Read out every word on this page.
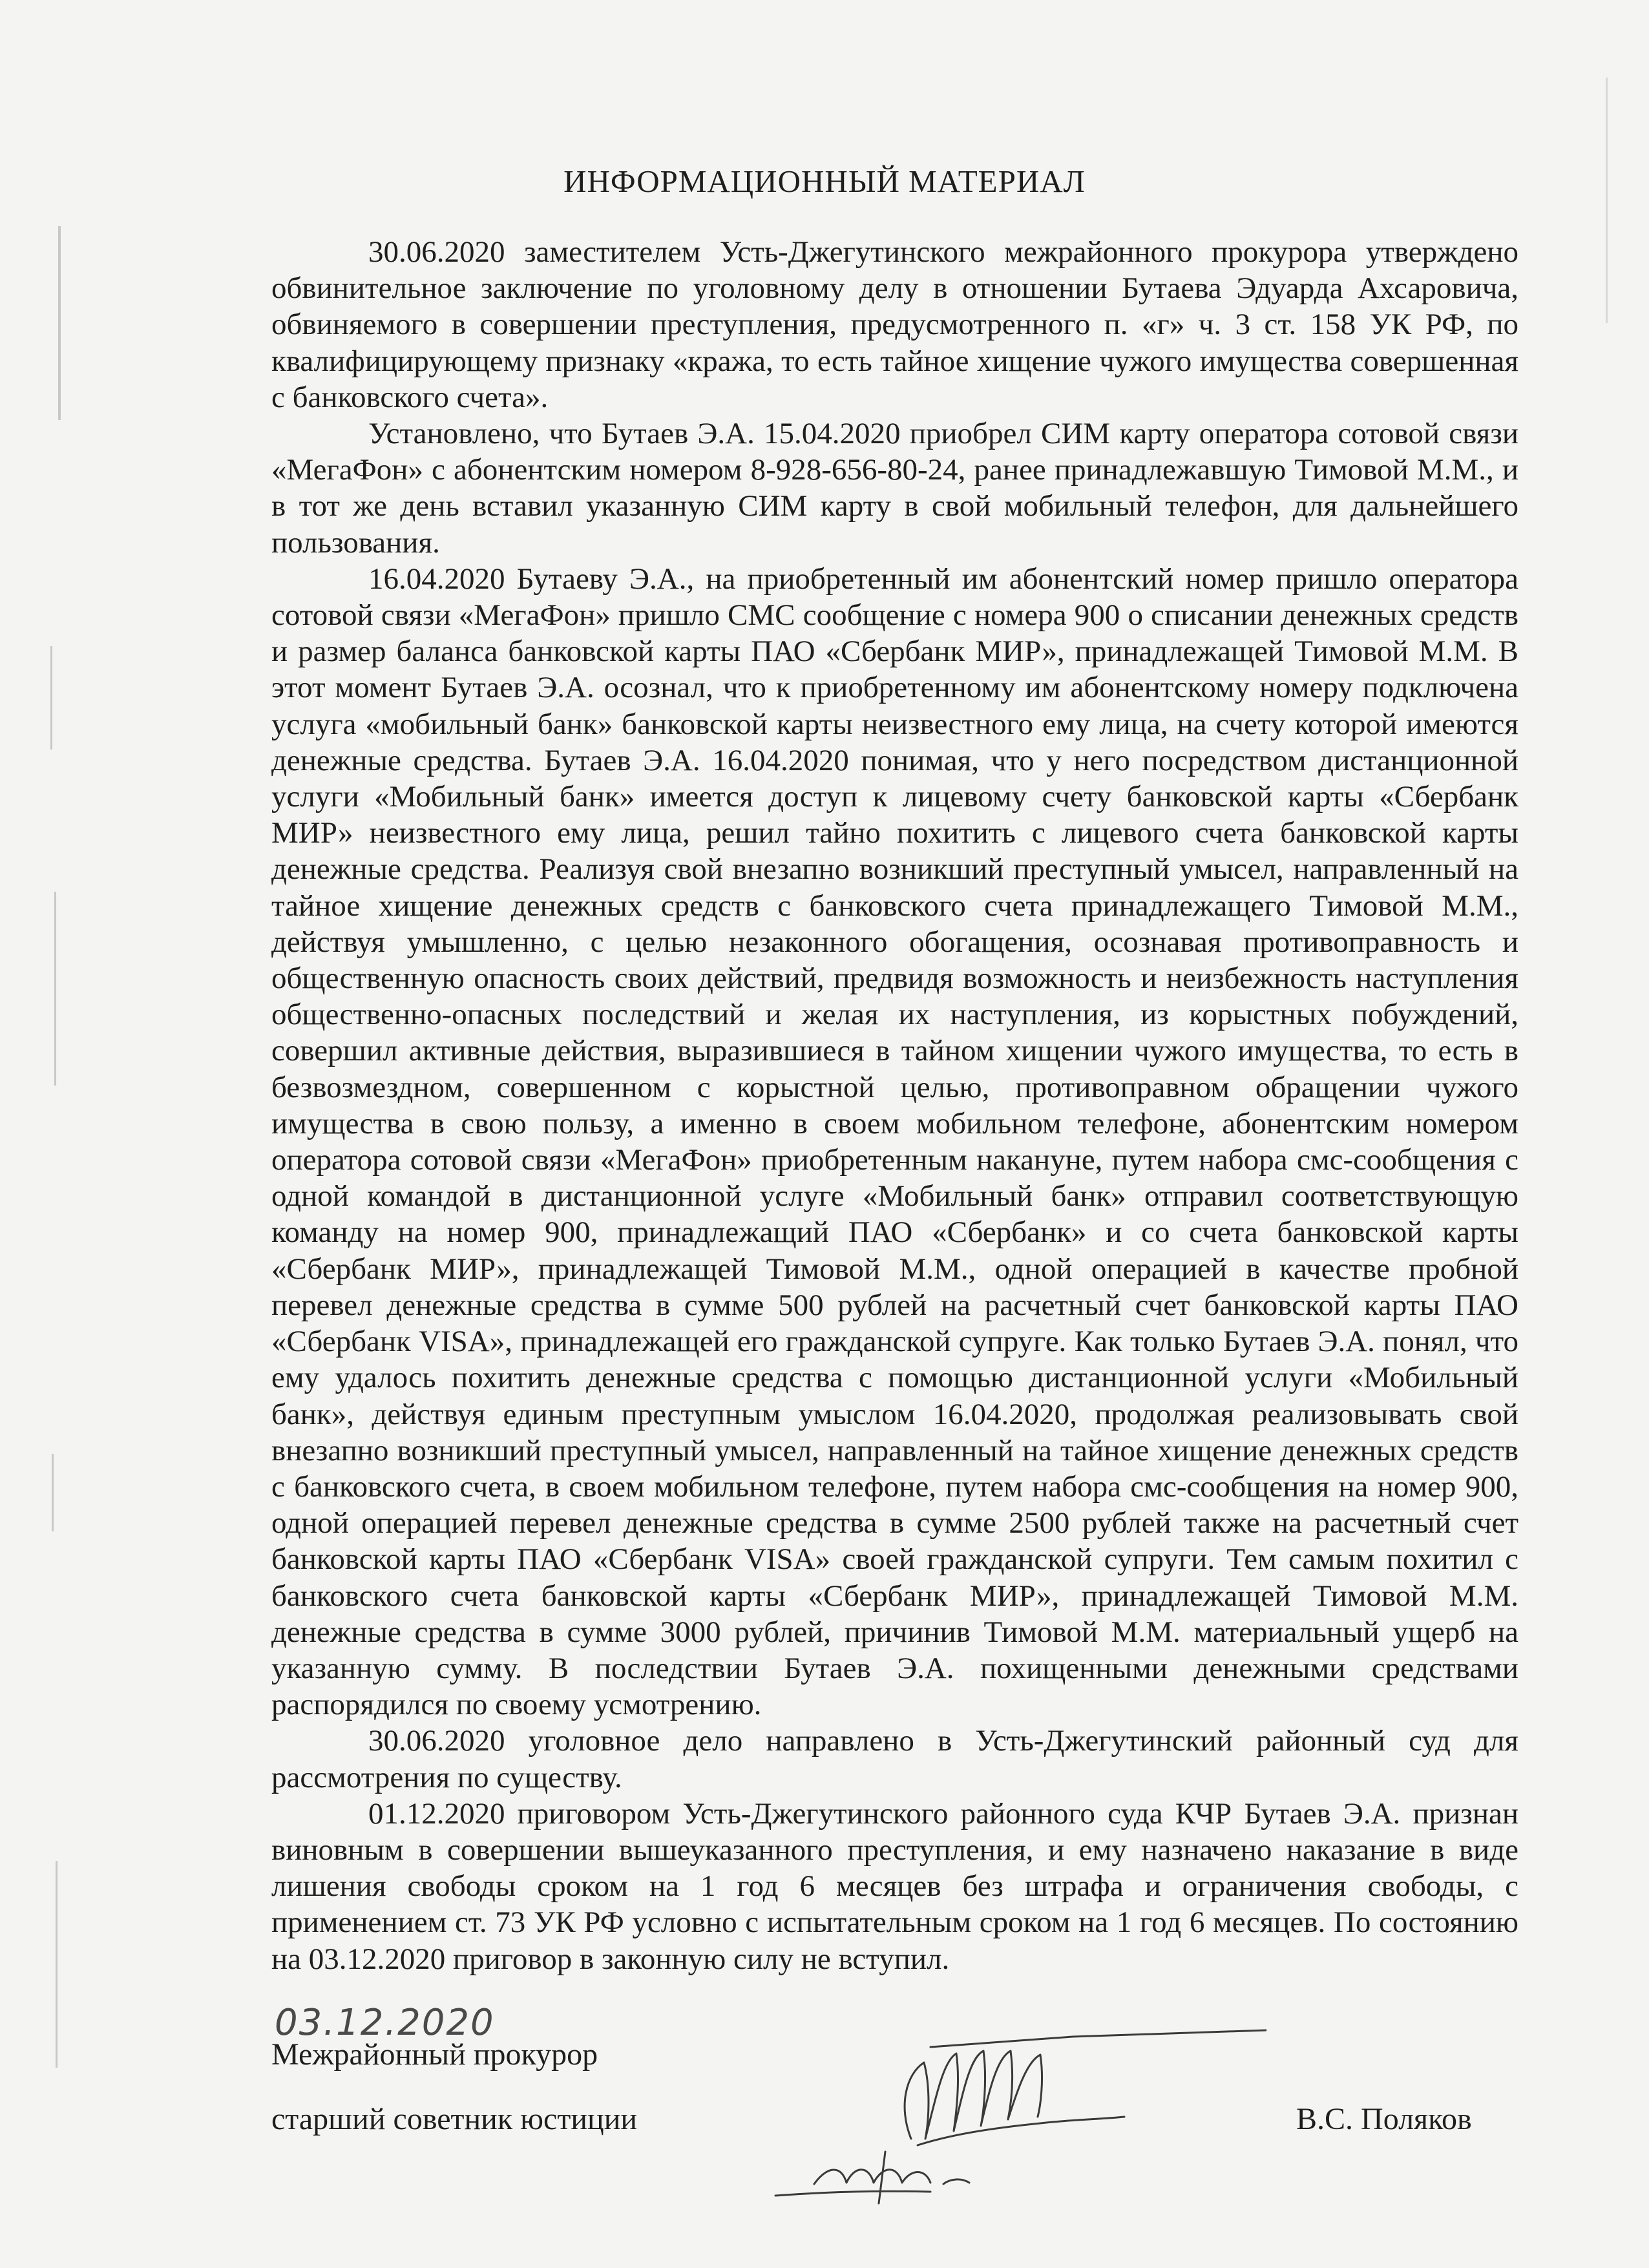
ИНФОРМАЦИОННЫЙ МАТЕРИАЛ

30.06.2020 заместителем Усть-Джегутинского межрайонного прокурора утверждено обвинительное заключение по уголовному делу в отношении Бутаева Эдуарда Ахсаровича, обвиняемого в совершении преступления, предусмотренного п. «г» ч. 3 ст. 158 УК РФ, по квалифицирующему признаку «кража, то есть тайное хищение чужого имущества совершенная с банковского счета».

Установлено, что Бутаев Э.А. 15.04.2020 приобрел СИМ карту оператора сотовой связи «МегаФон» с абонентским номером 8-928-656-80-24, ранее принадлежавшую Тимовой М.М., и в тот же день вставил указанную СИМ карту в свой мобильный телефон, для дальнейшего пользования.

16.04.2020 Бутаеву Э.А., на приобретенный им абонентский номер пришло оператора сотовой связи «МегаФон» пришло СМС сообщение с номера 900 о списании денежных средств и размер баланса банковской карты ПАО «Сбербанк МИР», принадлежащей Тимовой М.М. В этот момент Бутаев Э.А. осознал, что к приобретенному им абонентскому номеру подключена услуга «мобильный банк» банковской карты неизвестного ему лица, на счету которой имеются денежные средства. Бутаев Э.А. 16.04.2020 понимая, что у него посредством дистанционной услуги «Мобильный банк» имеется доступ к лицевому счету банковской карты «Сбербанк МИР» неизвестного ему лица, решил тайно похитить с лицевого счета банковской карты денежные средства. Реализуя свой внезапно возникший преступный умысел, направленный на тайное хищение денежных средств с банковского счета принадлежащего Тимовой М.М., действуя умышленно, с целью незаконного обогащения, осознавая противоправность и общественную опасность своих действий, предвидя возможность и неизбежность наступления общественно-опасных последствий и желая их наступления, из корыстных побуждений, совершил активные действия, выразившиеся в тайном хищении чужого имущества, то есть в безвозмездном, совершенном с корыстной целью, противоправном обращении чужого имущества в свою пользу, а именно в своем мобильном телефоне, абонентским номером оператора сотовой связи «МегаФон» приобретенным накануне, путем набора смс-сообщения с одной командой в дистанционной услуге «Мобильный банк» отправил соответствующую команду на номер 900, принадлежащий ПАО «Сбербанк» и со счета банковской карты «Сбербанк МИР», принадлежащей Тимовой М.М., одной операцией в качестве пробной перевел денежные средства в сумме 500 рублей на расчетный счет банковской карты ПАО «Сбербанк VISA», принадлежащей его гражданской супруге. Как только Бутаев Э.А. понял, что ему удалось похитить денежные средства с помощью дистанционной услуги «Мобильный банк», действуя единым преступным умыслом 16.04.2020, продолжая реализовывать свой внезапно возникший преступный умысел, направленный на тайное хищение денежных средств с банковского счета, в своем мобильном телефоне, путем набора смс-сообщения на номер 900, одной операцией перевел денежные средства в сумме 2500 рублей также на расчетный счет банковской карты ПАО «Сбербанк VISA» своей гражданской супруги. Тем самым похитил с банковского счета банковской карты «Сбербанк МИР», принадлежащей Тимовой М.М. денежные средства в сумме 3000 рублей, причинив Тимовой М.М. материальный ущерб на указанную сумму. В последствии Бутаев Э.А. похищенными денежными средствами распорядился по своему усмотрению.

30.06.2020 уголовное дело направлено в Усть-Джегутинский районный суд для рассмотрения по существу.

01.12.2020 приговором Усть-Джегутинского районного суда КЧР Бутаев Э.А. признан виновным в совершении вышеуказанного преступления, и ему назначено наказание в виде лишения свободы сроком на 1 год 6 месяцев без штрафа и ограничения свободы, с применением ст. 73 УК РФ условно с испытательным сроком на 1 год 6 месяцев. По состоянию на 03.12.2020 приговор в законную силу не вступил.

03.12.2020
Межрайонный прокурор
старший советник юстиции	В.С. Поляков
